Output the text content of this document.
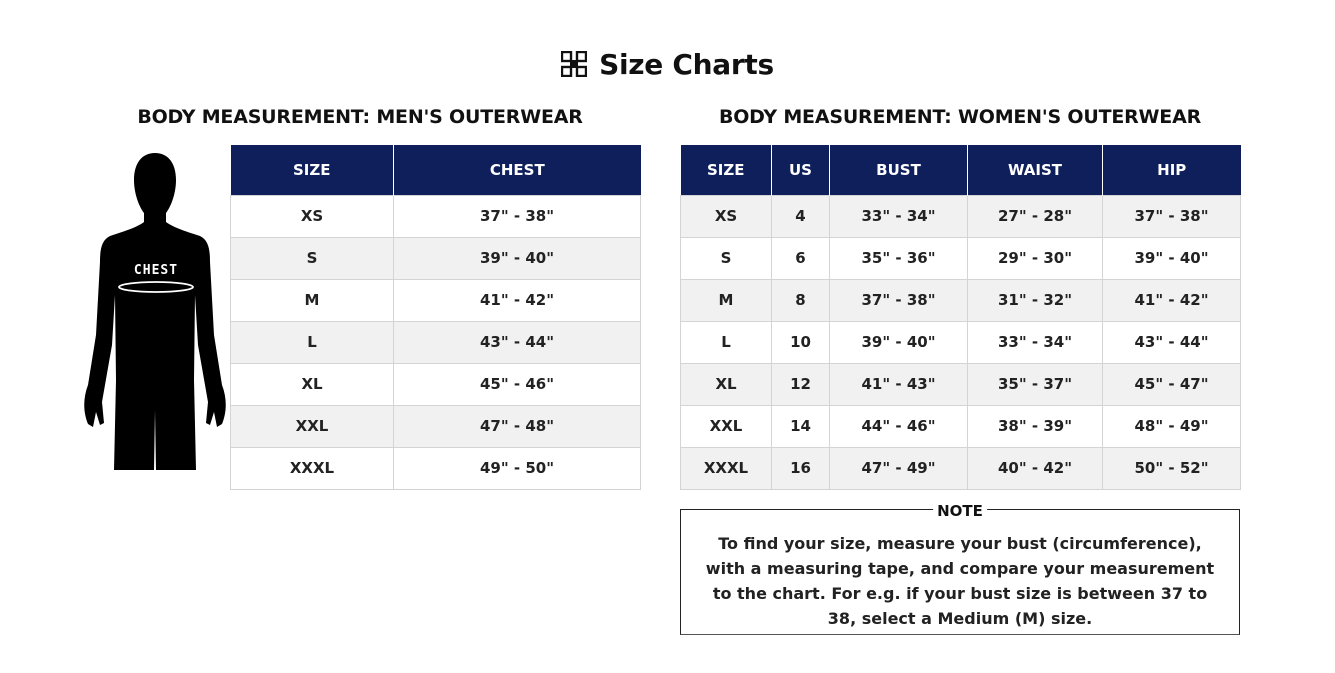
Size Charts
BODY MEASUREMENT: MEN'S OUTERWEAR	BODY MEASUREMENT: WOMEN'S OUTERWEAR
CHEST
SIZE	CHEST
XS	37" - 38"
S	39" - 40"
M	41" - 42"
L	43" - 44"
XL	45" - 46"
XXL	47" - 48"
XXXL	49" - 50"
SIZE	US	BUST	WAIST	HIP
XS	4	33" - 34"	27" - 28"	37" - 38"
S	6	35" - 36"	29" - 30"	39" - 40"
M	8	37" - 38"	31" - 32"	41" - 42"
L	10	39" - 40"	33" - 34"	43" - 44"
XL	12	41" - 43"	35" - 37"	45" - 47"
XXL	14	44" - 46"	38" - 39"	48" - 49"
XXXL	16	47" - 49"	40" - 42"	50" - 52"
NOTE

To find your size, measure your bust (circumference), with a measuring tape, and compare your measurement to the chart. For e.g. if your bust size is between 37 to 38, select a Medium (M) size.
